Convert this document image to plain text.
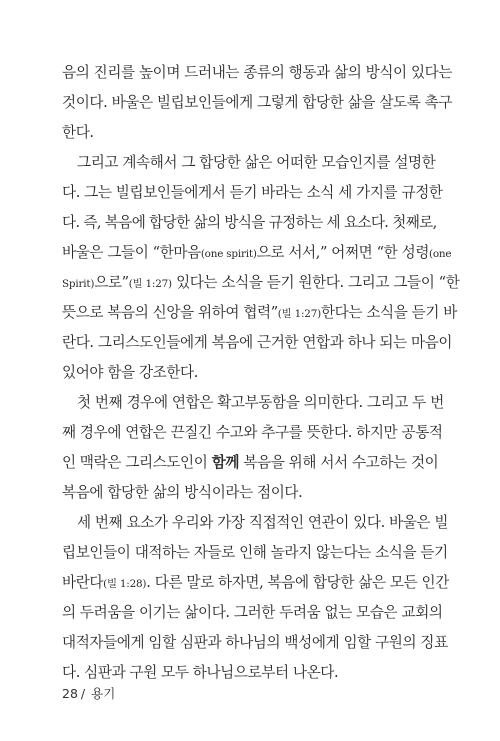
음의 진리를 높이며 드러내는 종류의 행동과 삶의 방식이 있다는
것이다. 바울은 빌립보인들에게 그렇게 합당한 삶을 살도록 촉구
한다.
그리고 계속해서 그 합당한 삶은 어떠한 모습인지를 설명한
다. 그는 빌립보인들에게서 듣기 바라는 소식 세 가지를 규정한
다. 즉, 복음에 합당한 삶의 방식을 규정하는 세 요소다. 첫째로,
바울은 그들이 “한마음(one spirit)으로 서서,” 어쩌면 “한 성령(one
Spirit)으로”(빌 1:27) 있다는 소식을 듣기 원한다. 그리고 그들이 “한
뜻으로 복음의 신앙을 위하여 협력”(빌 1:27)한다는 소식을 듣기 바
란다. 그리스도인들에게 복음에 근거한 연합과 하나 되는 마음이
있어야 함을 강조한다.
첫 번째 경우에 연합은 확고부동함을 의미한다. 그리고 두 번
째 경우에 연합은 끈질긴 수고와 추구를 뜻한다. 하지만 공통적
인 맥락은 그리스도인이 함께 복음을 위해 서서 수고하는 것이
복음에 합당한 삶의 방식이라는 점이다.
세 번째 요소가 우리와 가장 직접적인 연관이 있다. 바울은 빌
립보인들이 대적하는 자들로 인해 놀라지 않는다는 소식을 듣기
바란다(빌 1:28). 다른 말로 하자면, 복음에 합당한 삶은 모든 인간
의 두려움을 이기는 삶이다. 그러한 두려움 없는 모습은 교회의
대적자들에게 임할 심판과 하나님의 백성에게 임할 구원의 징표
다. 심판과 구원 모두 하나님으로부터 나온다.
28 / 용기
